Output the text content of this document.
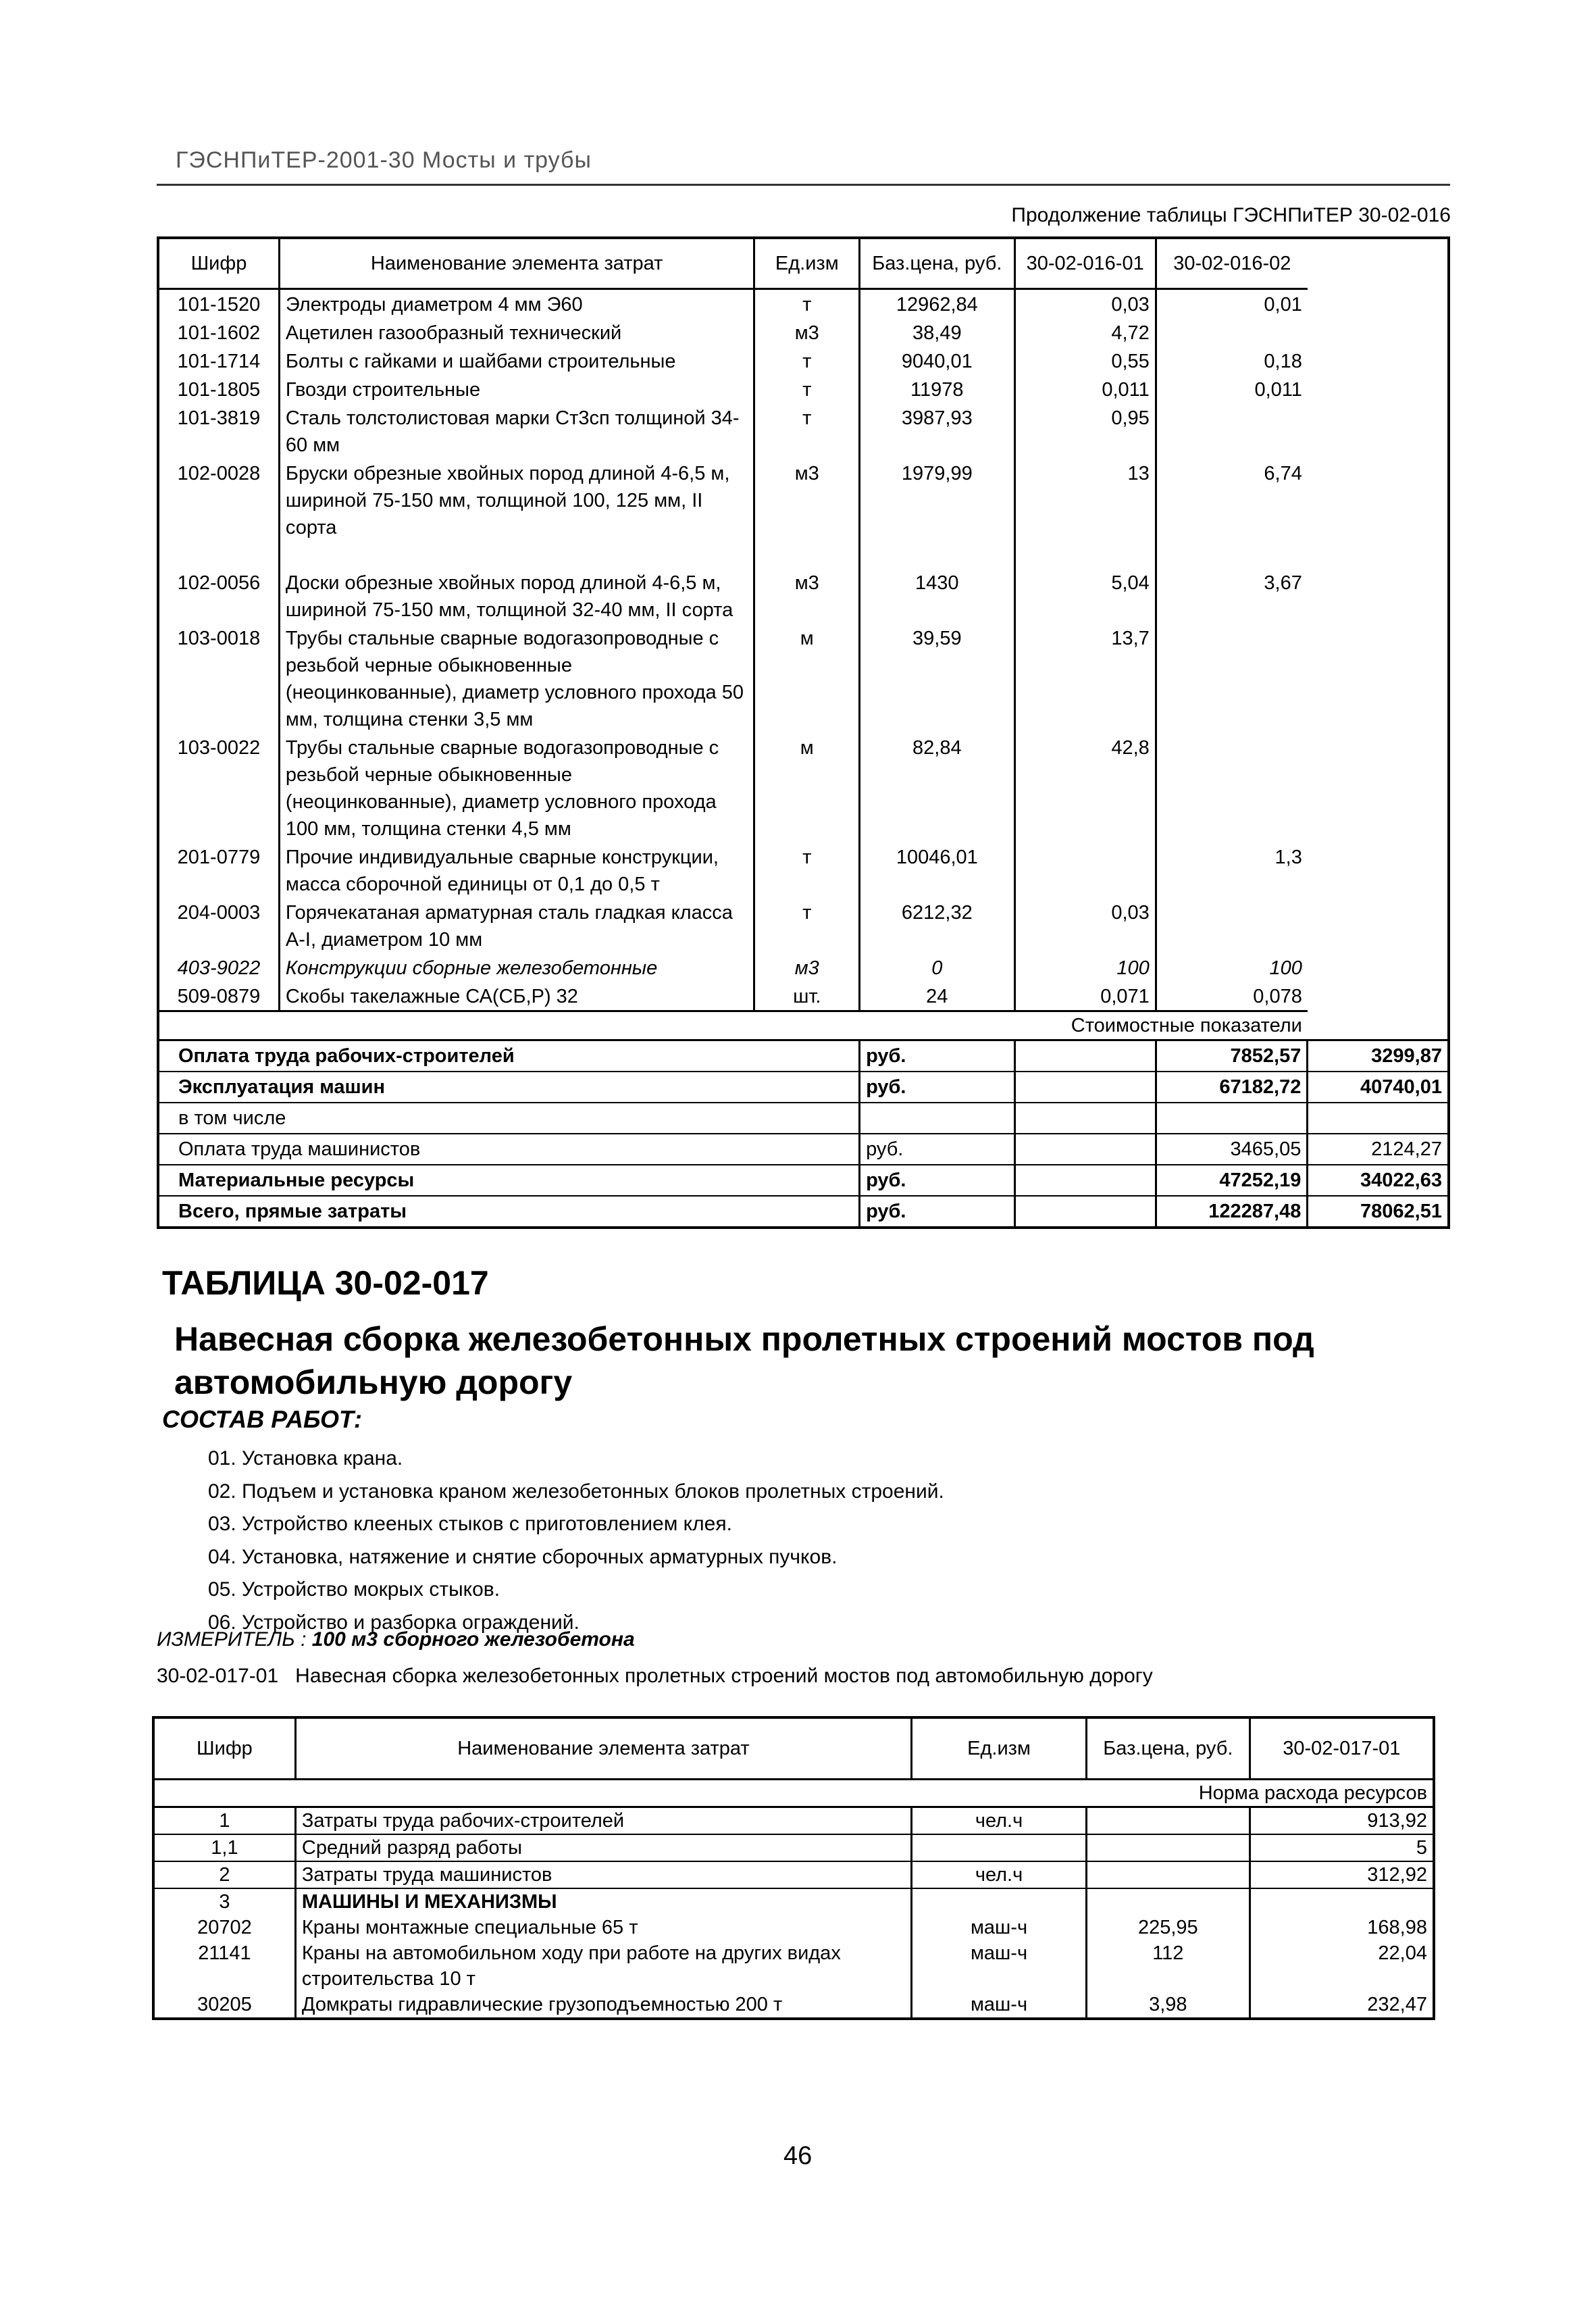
ГЭСНПиТЕР-2001-30 Мосты и трубы
Продолжение таблицы ГЭСНПиТЕР 30-02-016
Шифр	Наименование элемента затрат	Ед.изм	Баз.цена, руб.	30-02-016-01	30-02-016-02	
101-1520	Электроды диаметром 4 мм Э60	т	12962,84	0,03	0,01	
101-1602	Ацетилен газообразный технический	м3	38,49	4,72		
101-1714	Болты с гайками и шайбами строительные	т	9040,01	0,55	0,18	
101-1805	Гвозди строительные	т	11978	0,011	0,011	
101-3819	Сталь толстолистовая марки Ст3сп толщиной 34-60 мм	т	3987,93	0,95		
102-0028	Бруски обрезные хвойных пород длиной 4-6,5 м, шириной 75-150 мм, толщиной 100, 125 мм, II сорта	м3	1979,99	13	6,74	
102-0056	Доски обрезные хвойных пород длиной 4-6,5 м, шириной 75-150 мм, толщиной 32-40 мм, II сорта	м3	1430	5,04	3,67	
103-0018	Трубы стальные сварные водогазопроводные с резьбой черные обыкновенные (неоцинкованные), диаметр условного прохода 50 мм, толщина стенки 3,5 мм	м	39,59	13,7		
103-0022	Трубы стальные сварные водогазопроводные с резьбой черные обыкновенные (неоцинкованные), диаметр условного прохода 100 мм, толщина стенки 4,5 мм	м	82,84	42,8		
201-0779	Прочие индивидуальные сварные конструкции, масса сборочной единицы от 0,1 до 0,5 т	т	10046,01		1,3	
204-0003	Горячекатаная арматурная сталь гладкая класса А-I, диаметром 10 мм	т	6212,32	0,03		
403-9022	Конструкции сборные железобетонные	м3	0	100	100	
509-0879	Скобы такелажные СА(СБ,Р) 32	шт.	24	0,071	0,078	
Стоимостные показатели						
Оплата труда рабочих-строителей			руб.		7852,57	3299,87
Эксплуатация машин			руб.		67182,72	40740,01
в том числе						
Оплата труда машинистов			руб.		3465,05	2124,27
Материальные ресурсы			руб.		47252,19	34022,63
Всего, прямые затраты			руб.		122287,48	78062,51
ТАБЛИЦА 30-02-017
Навесная сборка железобетонных пролетных строений мостов под автомобильную дорогу
СОСТАВ РАБОТ:
01. Установка крана.
02. Подъем и установка краном железобетонных блоков пролетных строений.
03. Устройство клееных стыков с приготовлением клея.
04. Установка, натяжение и снятие сборочных арматурных пучков.
05. Устройство мокрых стыков.
06. Устройство и разборка ограждений.
ИЗМЕРИТЕЛЬ : 100 м3 сборного железобетона
30-02-017-01 Навесная сборка железобетонных пролетных строений мостов под автомобильную дорогу
Шифр	Наименование элемента затрат	Ед.изм	Баз.цена, руб.	30-02-017-01
Норма расхода ресурсов				
1	Затраты труда рабочих-строителей	чел.ч		913,92
1,1	Средний разряд работы			5
2	Затраты труда машинистов	чел.ч		312,92
3	МАШИНЫ И МЕХАНИЗМЫ			
20702	Краны монтажные специальные 65 т	маш-ч	225,95	168,98
21141	Краны на автомобильном ходу при работе на других видах строительства 10 т	маш-ч	112	22,04
30205	Домкраты гидравлические грузоподъемностью 200 т	маш-ч	3,98	232,47
46
